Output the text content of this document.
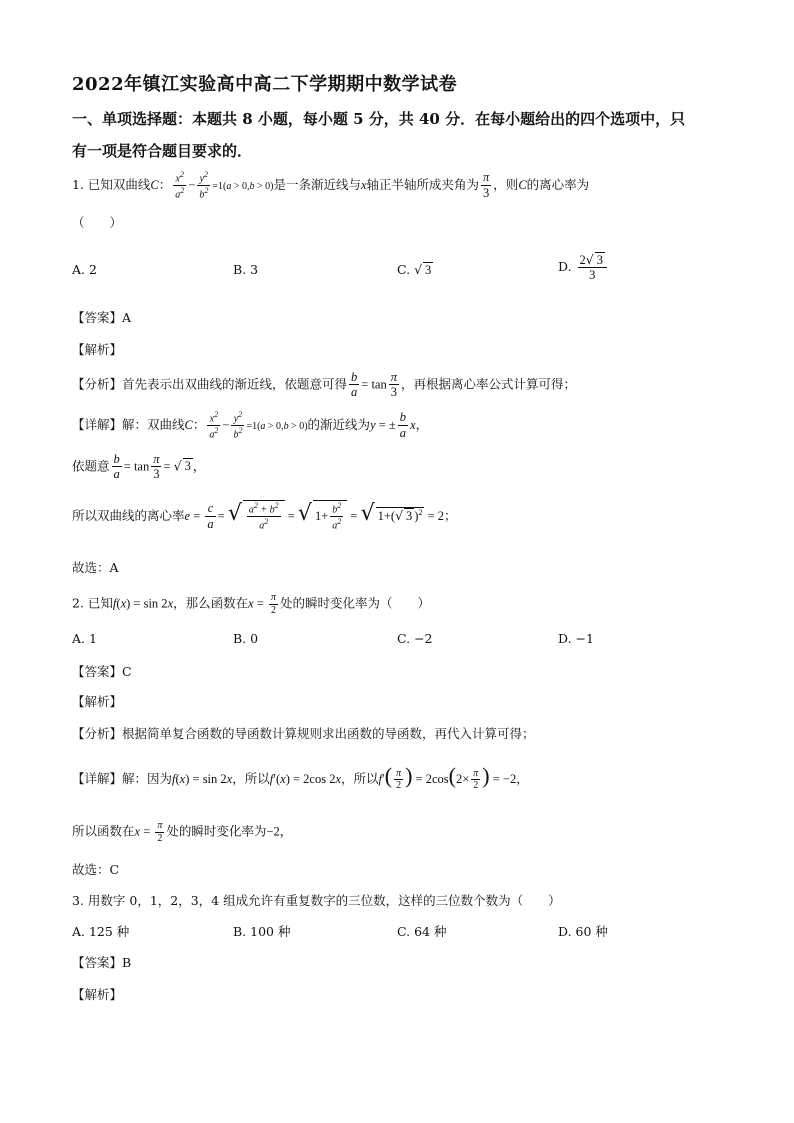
2022年镇江实验高中高二下学期期中数学试卷
一、单项选择题：本题共 8 小题，每小题 5 分，共 40 分．在每小题给出的四个选项中，只
有一项是符合题目要求的．
1. 已知双曲线C： $\frac{x^2}{a^2} - \frac{y^2}{b^2} =1(a > 0,b > 0)$是一条渐近线与x轴正半轴所成夹角为 $\frac{\pi}{3}$ ，则C的离心率为
（　　）
A. 2	B. 3	C. √ 3	D. $\frac{2√ 3}{3}$
【答案】A
【解析】
【分析】首先表示出双曲线的渐近线，依题意可得 $\frac{b}{a} = \tan \frac{\pi}{3}$ ，再根据离心率公式计算可得；
【详解】解：双曲线C： $\frac{x^2}{a^2} - \frac{y^2}{b^2} =1(a > 0,b > 0)$的渐近线为y = ± $\frac{b}{a}$ x，
依题意 $\frac{b}{a} = \tan \frac{\pi}{3}$ = √ 3 ，
所以双曲线的离心率$e = \frac{c}{a}$ = √ $\frac{a^2 + b^2}{a^2}$ = √ $1+ \frac{b^2}{a^2}$ = √ 1+(√ 3 )$^2$ = 2；
故选：A
2. 已知f(x) = sin 2x，那么函数在$x = \frac{\pi}{2}$ 处的瞬时变化率为（　　）
A. 1	B. 0	C. −2	D. −1
【答案】C
【解析】
【分析】根据简单复合函数的导函数计算规则求出函数的导函数，再代入计算可得；
【详解】解：因为f(x) = sin 2x，所以f′(x) = 2cos 2x，所以$f'( \frac{\pi}{2}$ ) = $2\cos(2\times \frac{\pi}{2}$ ) = −2，
所以函数在$x = \frac{\pi}{2}$ 处的瞬时变化率为−2，
故选：C
3. 用数字 0，1，2，3，4 组成允许有重复数字的三位数，这样的三位数个数为（　　）
A. 125 种	B. 100 种	C. 64 种	D. 60 种
【答案】B
【解析】
